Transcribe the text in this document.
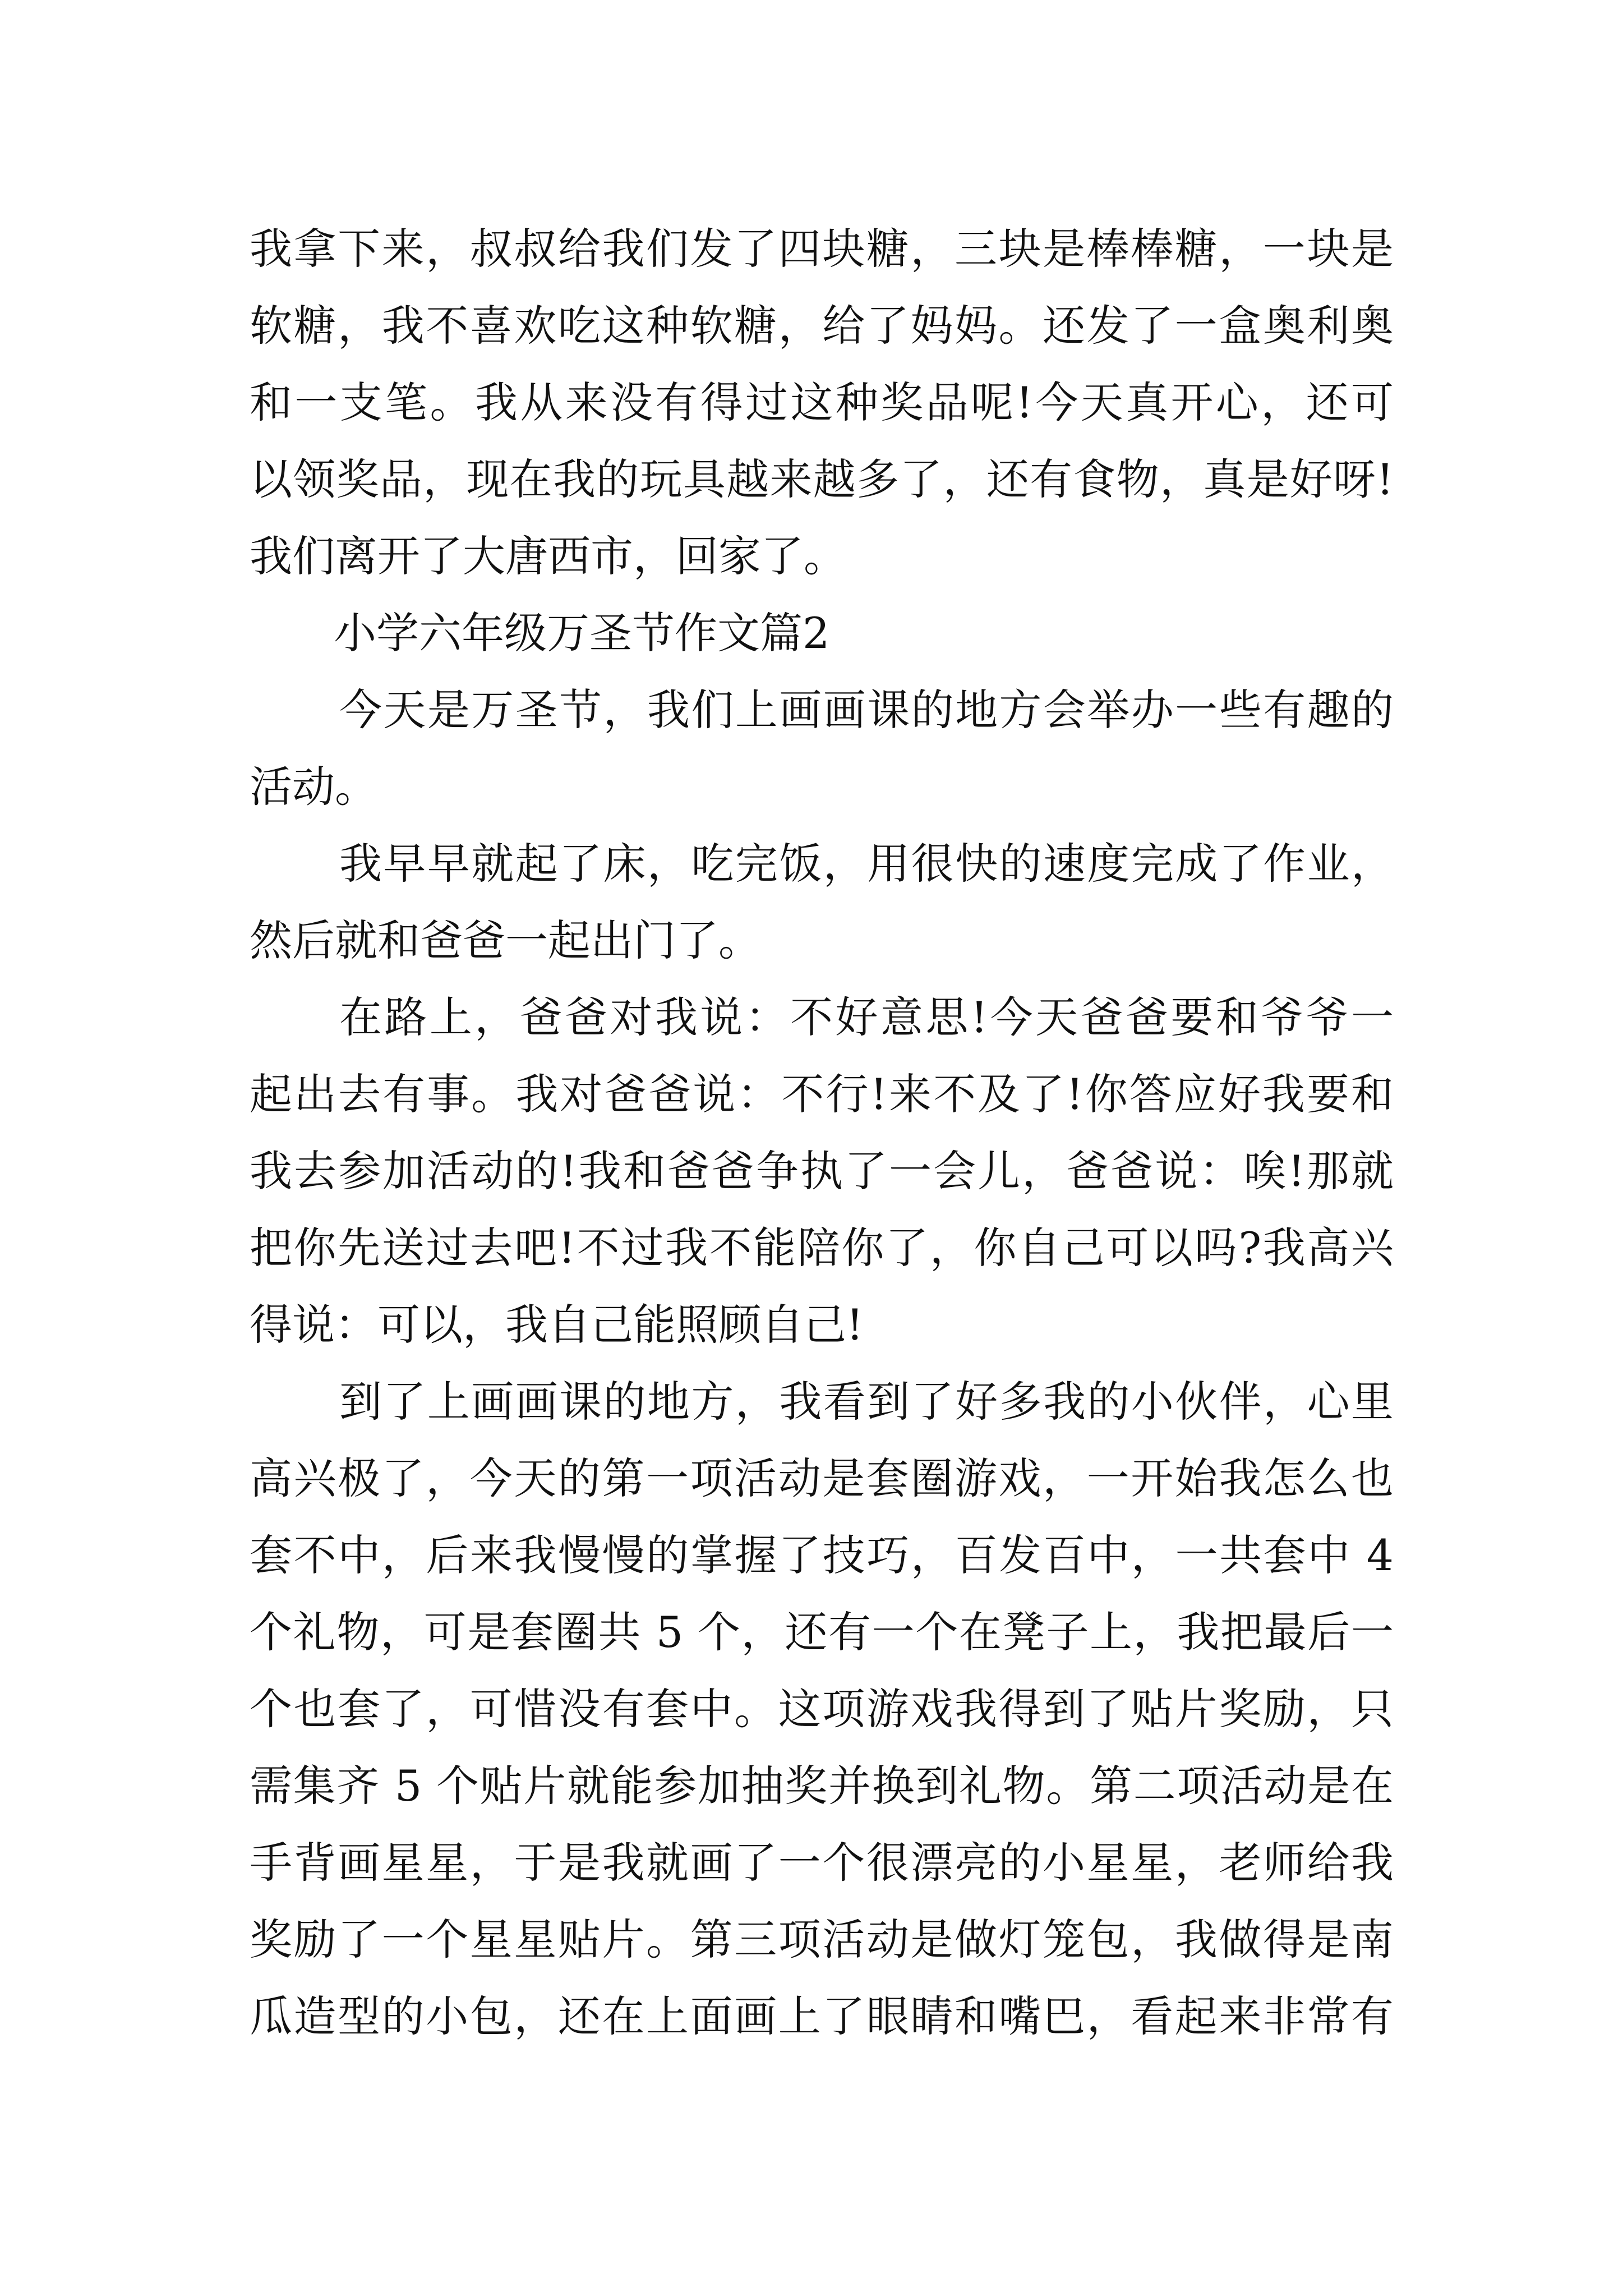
我拿下来，叔叔给我们发了四块糖，三块是棒棒糖，一块是
软糖，我不喜欢吃这种软糖，给了妈妈。还发了一盒奥利奥
和一支笔。我从来没有得过这种奖品呢!今天真开心，还可
以领奖品，现在我的玩具越来越多了，还有食物，真是好呀!
我们离开了大唐西市，回家了。
小学六年级万圣节作文篇2
今天是万圣节，我们上画画课的地方会举办一些有趣的
活动。
我早早就起了床，吃完饭，用很快的速度完成了作业，
然后就和爸爸一起出门了。
在路上，爸爸对我说：不好意思!今天爸爸要和爷爷一
起出去有事。我对爸爸说：不行!来不及了!你答应好我要和
我去参加活动的!我和爸爸争执了一会儿，爸爸说：唉!那就
把你先送过去吧!不过我不能陪你了，你自己可以吗?我高兴
得说：可以，我自己能照顾自己!
到了上画画课的地方，我看到了好多我的小伙伴，心里
高兴极了，今天的第一项活动是套圈游戏，一开始我怎么也
套不中，后来我慢慢的掌握了技巧，百发百中，一共套中 4
个礼物，可是套圈共 5 个，还有一个在凳子上，我把最后一
个也套了，可惜没有套中。这项游戏我得到了贴片奖励，只
需集齐 5 个贴片就能参加抽奖并换到礼物。第二项活动是在
手背画星星，于是我就画了一个很漂亮的小星星，老师给我
奖励了一个星星贴片。第三项活动是做灯笼包，我做得是南
瓜造型的小包，还在上面画上了眼睛和嘴巴，看起来非常有
